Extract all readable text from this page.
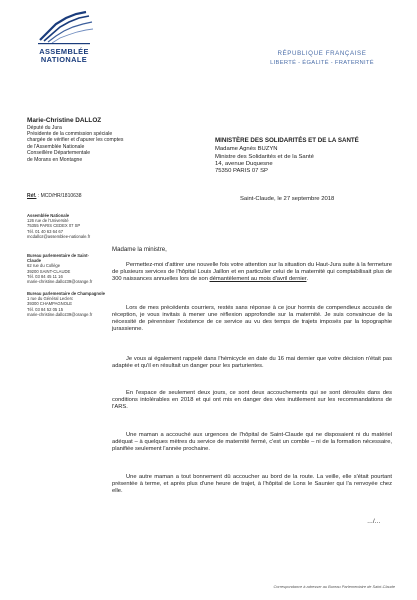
ASSEMBLÉE
NATIONALE
RÉPUBLIQUE FRANÇAISE
LIBERTÉ - ÉGALITÉ - FRATERNITÉ
Marie-Christine DALLOZ
Député du Jura
Présidente de la commission spéciale
chargée de vérifier et d'apurer les comptes
de l'Assemblée Nationale
Conseillère Départementale
de Morans en Montagne
Réf. : MCD/HR/1810638
Assemblée Nationale
126 rue de l'Université
75355 PARIS CEDEX 07 SP
Tél. 01 40 63 64 67
mcdalloz@assemblee-nationale.fr
Bureau parlementaire de Saint-Claude
62 rue du Collège
39200 SAINT-CLAUDE
Tél. 03 84 45 11 16
marie-christine.dalloz39@orange.fr
Bureau parlementaire de Champagnole
1 rue du Général Leclerc
39300 CHAMPAGNOLE
Tél. 03 84 52 05 15
marie-christine.dalloz39@orange.fr
MINISTÈRE DES SOLIDARITÉS ET DE LA SANTÉ
Madame Agnès BUZYN
Ministre des Solidarités et de la Santé
14, avenue Duquesne
75350 PARIS 07 SP
Saint-Claude, le 27 septembre 2018
Madame la ministre,
Permettez-moi d'attirer une nouvelle fois votre attention sur la situation du Haut-Jura suite à la fermeture de plusieurs services de l'hôpital Louis Jaillon et en particulier celui de la maternité qui comptabilisait plus de 300 naissances annuelles lors de son démantèlement au mois d'avril dernier.
Lors de mes précédents courriers, restés sans réponse à ce jour hormis de compendieux accusés de réception, je vous invitais à mener une réflexion approfondie sur la maternité. Je suis convaincue de la nécessité de pérenniser l'existence de ce service au vu des temps de trajets imposés par la topographie jurassienne.
Je vous ai également rappelé dans l'hémicycle en date du 16 mai dernier que votre décision n'était pas adaptée et qu'il en résultait un danger pour les parturientes.
En l'espace de seulement deux jours, ce sont deux accouchements qui se sont déroulés dans des conditions intolérables en 2018 et qui ont mis en danger des vies inutilement sur les recommandations de l'ARS.
Une maman a accouché aux urgences de l'hôpital de Saint-Claude qui ne disposaient ni du matériel adéquat – à quelques mètres du service de maternité fermé, c'est un comble – ni de la formation nécessaire, planifiée seulement l'année prochaine.
Une autre maman a tout bonnement dû accoucher au bord de la route. La veille, elle s'était pourtant présentée à terme, et après plus d'une heure de trajet, à l'hôpital de Lons le Saunier qui l'a renvoyée chez elle.
…/…
Correspondance à adresser au Bureau Parlementaire de Saint-Claude
